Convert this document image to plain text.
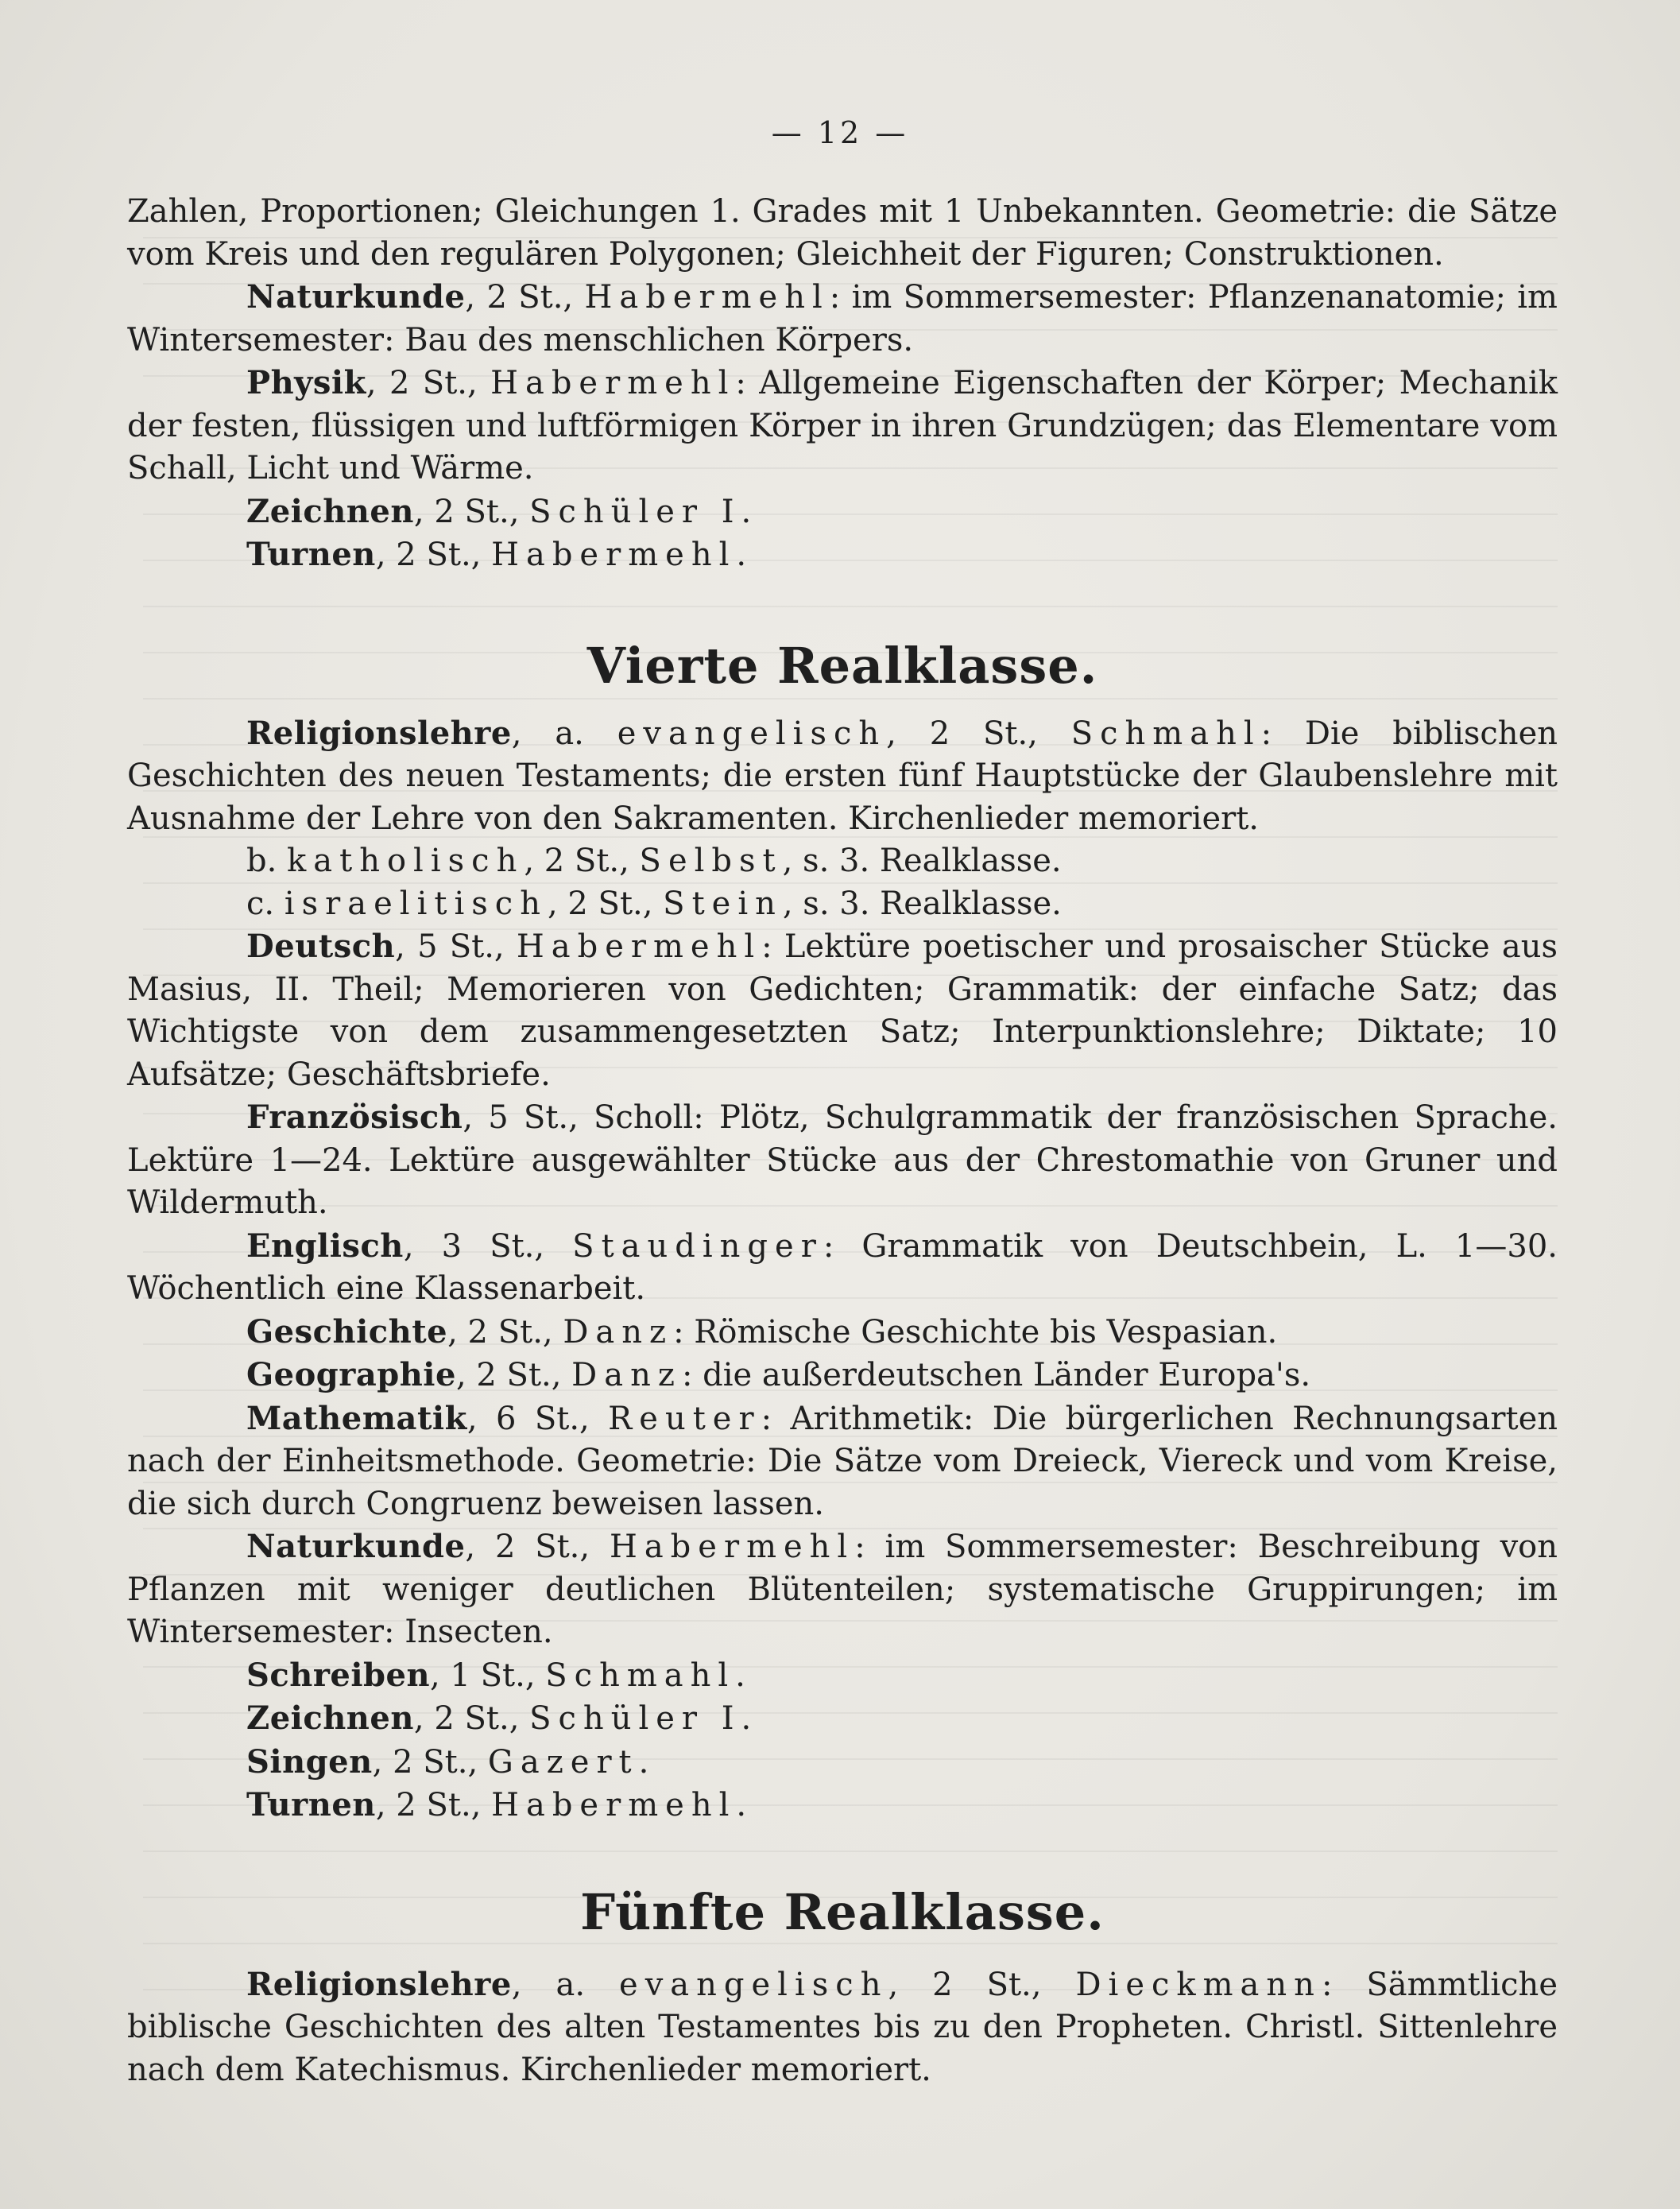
— 12 —

Zahlen, Proportionen; Gleichungen 1. Grades mit 1 Unbekannten. Geometrie: die Sätze vom Kreis und den regulären Polygonen; Gleichheit der Figuren; Construktionen.

Naturkunde, 2 St., Habermehl: im Sommersemester: Pflanzenanatomie; im Wintersemester: Bau des menschlichen Körpers.

Physik, 2 St., Habermehl: Allgemeine Eigenschaften der Körper; Mechanik der festen, flüssigen und luftförmigen Körper in ihren Grundzügen; das Elementare vom Schall, Licht und Wärme.

Zeichnen, 2 St., Schüler I.

Turnen, 2 St., Habermehl.

Vierte Realklasse.

Religionslehre, a. evangelisch, 2 St., Schmahl: Die biblischen Geschichten des neuen Testaments; die ersten fünf Hauptstücke der Glaubenslehre mit Ausnahme der Lehre von den Sakramenten. Kirchenlieder memoriert.

b. katholisch, 2 St., Selbst, s. 3. Realklasse.

c. israelitisch, 2 St., Stein, s. 3. Realklasse.

Deutsch, 5 St., Habermehl: Lektüre poetischer und prosaischer Stücke aus Masius, II. Theil; Memorieren von Gedichten; Grammatik: der einfache Satz; das Wichtigste von dem zusammengesetzten Satz; Interpunktionslehre; Diktate; 10 Aufsätze; Geschäftsbriefe.

Französisch, 5 St., Scholl: Plötz, Schulgrammatik der französischen Sprache. Lektüre 1—24. Lektüre ausgewählter Stücke aus der Chrestomathie von Gruner und Wildermuth.

Englisch, 3 St., Staudinger: Grammatik von Deutschbein, L. 1—30. Wöchentlich eine Klassenarbeit.

Geschichte, 2 St., Danz: Römische Geschichte bis Vespasian.

Geographie, 2 St., Danz: die außerdeutschen Länder Europa's.

Mathematik, 6 St., Reuter: Arithmetik: Die bürgerlichen Rechnungsarten nach der Einheitsmethode. Geometrie: Die Sätze vom Dreieck, Viereck und vom Kreise, die sich durch Congruenz beweisen lassen.

Naturkunde, 2 St., Habermehl: im Sommersemester: Beschreibung von Pflanzen mit weniger deutlichen Blütenteilen; systematische Gruppirungen; im Wintersemester: Insecten.

Schreiben, 1 St., Schmahl.

Zeichnen, 2 St., Schüler I.

Singen, 2 St., Gazert.

Turnen, 2 St., Habermehl.

Fünfte Realklasse.

Religionslehre, a. evangelisch, 2 St., Dieckmann: Sämmtliche biblische Geschichten des alten Testamentes bis zu den Propheten. Christl. Sittenlehre nach dem Katechismus. Kirchenlieder memoriert.
